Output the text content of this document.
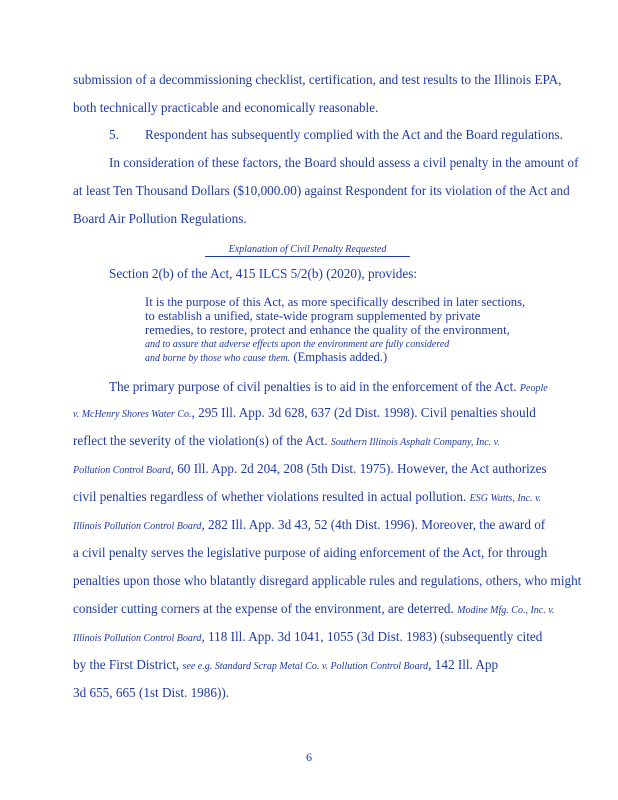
submission of a decommissioning checklist, certification, and test results to the Illinois EPA,
both technically practicable and economically reasonable.
5. Respondent has subsequently complied with the Act and the Board regulations.
In consideration of these factors, the Board should assess a civil penalty in the amount of
at least Ten Thousand Dollars ($10,000.00) against Respondent for its violation of the Act and
Board Air Pollution Regulations.
Explanation of Civil Penalty Requested
Section 2(b) of the Act, 415 ILCS 5/2(b) (2020), provides:
It is the purpose of this Act, as more specifically described in later sections,
to establish a unified, state-wide program supplemented by private
remedies, to restore, protect and enhance the quality of the environment,
and to assure that adverse effects upon the environment are fully considered
and borne by those who cause them. (Emphasis added.)
The primary purpose of civil penalties is to aid in the enforcement of the Act. People
v. McHenry Shores Water Co., 295 Ill. App. 3d 628, 637 (2d Dist. 1998). Civil penalties should
reflect the severity of the violation(s) of the Act. Southern Illinois Asphalt Company, Inc. v.
Pollution Control Board, 60 Ill. App. 2d 204, 208 (5th Dist. 1975). However, the Act authorizes
civil penalties regardless of whether violations resulted in actual pollution. ESG Watts, Inc. v.
Illinois Pollution Control Board, 282 Ill. App. 3d 43, 52 (4th Dist. 1996). Moreover, the award of
a civil penalty serves the legislative purpose of aiding enforcement of the Act, for through
penalties upon those who blatantly disregard applicable rules and regulations, others, who might
consider cutting corners at the expense of the environment, are deterred. Modine Mfg. Co., Inc. v.
Illinois Pollution Control Board, 118 Ill. App. 3d 1041, 1055 (3d Dist. 1983) (subsequently cited
by the First District, see e.g. Standard Scrap Metal Co. v. Pollution Control Board, 142 Ill. App
3d 655, 665 (1st Dist. 1986)).
6
